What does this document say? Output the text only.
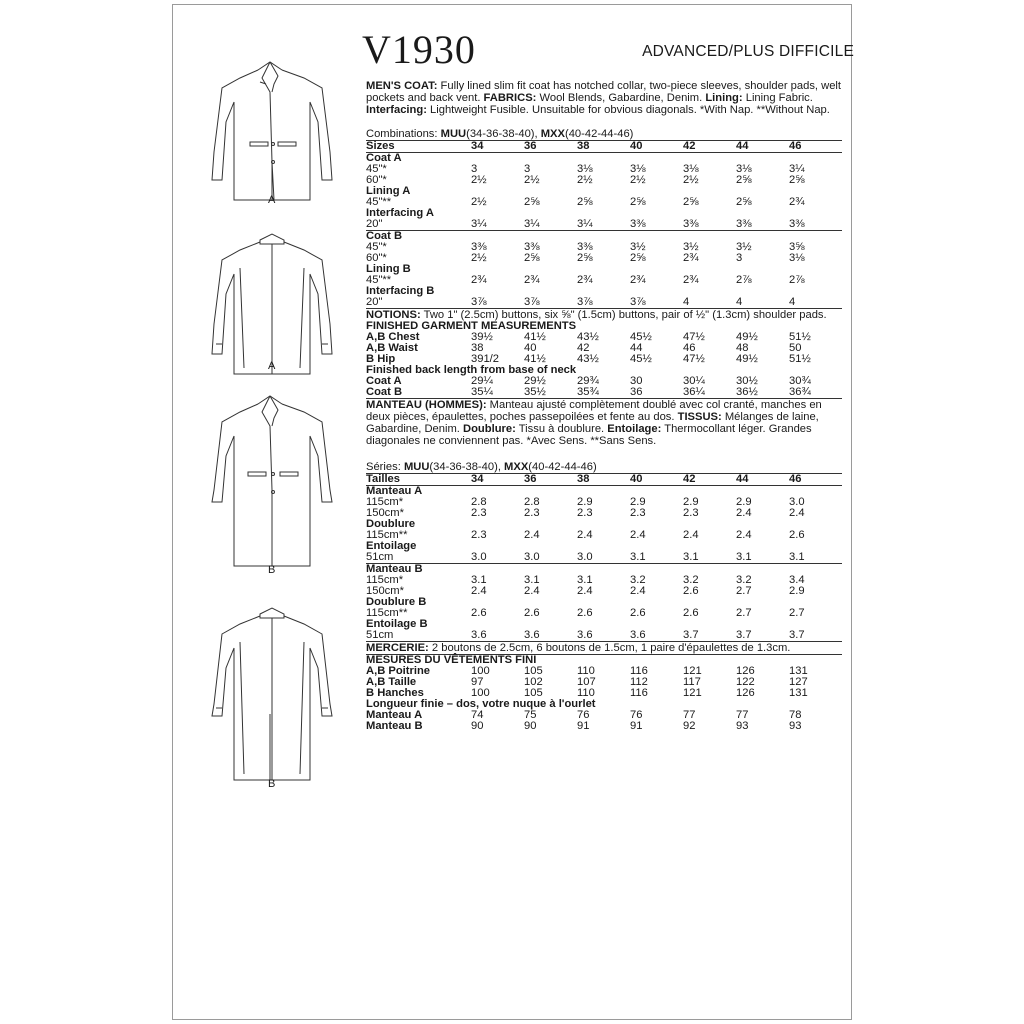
A
A
B
B
V1930	ADVANCED/PLUS DIFFICILE

MEN'S COAT: Fully lined slim fit coat has notched collar, two-piece sleeves, shoulder pads, welt pockets and back vent. FABRICS: Wool Blends, Gabardine, Denim. Lining: Lining Fabric. Interfacing: Lightweight Fusible. Unsuitable for obvious diagonals. *With Nap. **Without Nap.

Combinations: MUU(34-36-38-40), MXX(40-42-44-46)

Sizes	34	36	38	40	42	44	46
Coat A							
45"*	3	3	3⅛	3⅛	3⅛	3⅛	3¼
60"*	2½	2½	2½	2½	2½	2⅝	2⅝
Lining A							
45"**	2½	2⅝	2⅝	2⅝	2⅝	2⅝	2¾
Interfacing A							
20"	3¼	3¼	3¼	3⅜	3⅜	3⅜	3⅜
Coat B							
45"*	3⅜	3⅜	3⅜	3½	3½	3½	3⅝
60"*	2½	2⅝	2⅝	2⅝	2¾	3	3⅛
Lining B							
45"**	2¾	2¾	2¾	2¾	2¾	2⅞	2⅞
Interfacing B							
20"	3⅞	3⅞	3⅞	3⅞	4	4	4

NOTIONS: Two 1" (2.5cm) buttons, six ⅝" (1.5cm) buttons, pair of ½" (1.3cm) shoulder pads.

FINISHED GARMENT MEASUREMENTS							
A,B Chest	39½	41½	43½	45½	47½	49½	51½
A,B Waist	38	40	42	44	46	48	50
B Hip	391/2	41½	43½	45½	47½	49½	51½
Finished back length from base of neck							
Coat A	29¼	29½	29¾	30	30¼	30½	30¾
Coat B	35¼	35½	35¾	36	36¼	36½	36¾

MANTEAU (HOMMES): Manteau ajusté complètement doublé avec col cranté, manches en deux pièces, épaulettes, poches passepoilées et fente au dos. TISSUS: Mélanges de laine, Gabardine, Denim. Doublure: Tissu à doublure. Entoilage: Thermocollant léger. Grandes diagonales ne conviennent pas. *Avec Sens. **Sans Sens.

Séries: MUU(34-36-38-40), MXX(40-42-44-46)

Tailles	34	36	38	40	42	44	46
Manteau A							
115cm*	2.8	2.8	2.9	2.9	2.9	2.9	3.0
150cm*	2.3	2.3	2.3	2.3	2.3	2.4	2.4
Doublure							
115cm**	2.3	2.4	2.4	2.4	2.4	2.4	2.6
Entoilage							
51cm	3.0	3.0	3.0	3.1	3.1	3.1	3.1
Manteau B							
115cm*	3.1	3.1	3.1	3.2	3.2	3.2	3.4
150cm*	2.4	2.4	2.4	2.4	2.6	2.7	2.9
Doublure B							
115cm**	2.6	2.6	2.6	2.6	2.6	2.7	2.7
Entoilage B							
51cm	3.6	3.6	3.6	3.6	3.7	3.7	3.7

MERCERIE: 2 boutons de 2.5cm, 6 boutons de 1.5cm, 1 paire d'épaulettes de 1.3cm.

MESURES DU VÊTEMENTS FINI							
A,B Poitrine	100	105	110	116	121	126	131
A,B Taille	97	102	107	112	117	122	127
B Hanches	100	105	110	116	121	126	131
Longueur finie – dos, votre nuque à l'ourlet							
Manteau A	74	75	76	76	77	77	78
Manteau B	90	90	91	91	92	93	93
